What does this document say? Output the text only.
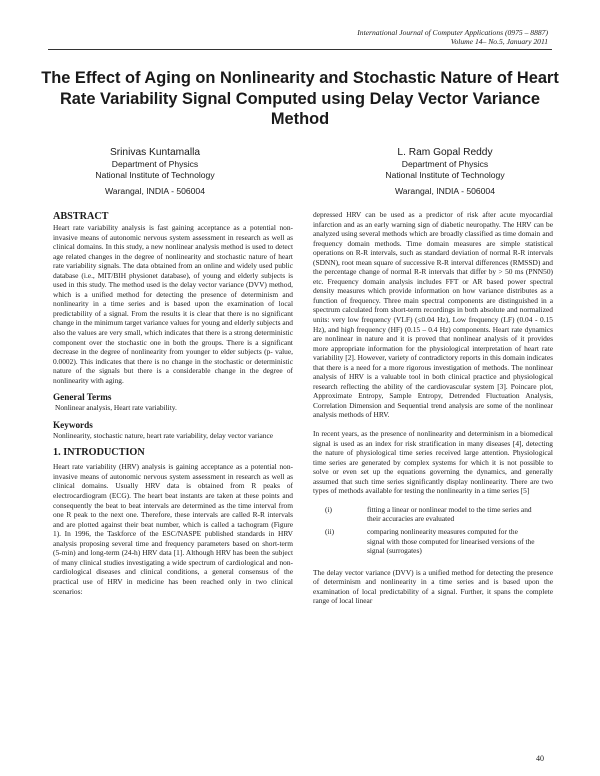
International Journal of Computer Applications (0975 – 8887)
Volume 14– No.5, January 2011
The Effect of Aging on Nonlinearity and Stochastic Nature of Heart Rate Variability Signal Computed using Delay Vector Variance Method
Srinivas Kuntamalla
Department of Physics
National Institute of Technology
Warangal, INDIA - 506004
L. Ram Gopal Reddy
Department of Physics
National Institute of Technology
Warangal, INDIA - 506004
ABSTRACT

Heart rate variability analysis is fast gaining acceptance as a potential non-invasive means of autonomic nervous system assessment in research as well as clinical domains. In this study, a new nonlinear analysis method is used to detect age related changes in the degree of nonlinearity and stochastic nature of heart rate variability signals. The data obtained from an online and widely used public database (i.e., MIT/BIH physionet database), of young and elderly subjects is used in this study. The method used is the delay vector variance (DVV) method, which is a unified method for detecting the presence of determinism and nonlinearity in a time series and is based upon the examination of local predictability of a signal. From the results it is clear that there is no significant change in the minimum target variance values for young and elderly subjects and also the values are very small, which indicates that there is a strong deterministic component over the stochastic one in both the groups. There is a significant decrease in the degree of nonlinearity from younger to elder subjects (p- value, 0.0002). This indicates that there is no change in the stochastic or deterministic nature of the signals but there is a considerable change in the degree of nonlinearity with aging.

General Terms

Nonlinear analysis, Heart rate variability.

Keywords

Nonlinearity, stochastic nature, heart rate variability, delay vector variance

1. INTRODUCTION

Heart rate variability (HRV) analysis is gaining acceptance as a potential non-invasive means of autonomic nervous system assessment in research as well as clinical domains. Usually HRV data is obtained from R peaks of electrocardiogram (ECG). The heart beat instants are taken at these points and consequently the beat to beat intervals are determined as the time interval from one R peak to the next one. Therefore, these intervals are called R-R intervals and are plotted against their beat number, which is called a tachogram (Figure 1). In 1996, the Taskforce of the ESC/NASPE published standards in HRV analysis proposing several time and frequency parameters based on short-term (5-min) and long-term (24-h) HRV data [1]. Although HRV has been the subject of many clinical studies investigating a wide spectrum of cardiological and non-cardiological diseases and clinical conditions, a general consensus of the practical use of HRV in medicine has been reached only in two clinical scenarios:

depressed HRV can be used as a predictor of risk after acute myocardial infarction and as an early warning sign of diabetic neuropathy. The HRV can be analyzed using several methods which are broadly classified as time domain and frequency domain methods. Time domain measures are simple statistical operations on R-R intervals, such as standard deviation of normal R-R intervals (SDNN), root mean square of successive R-R interval differences (RMSSD) and the percentage change of normal R-R intervals that differ by > 50 ms (PNN50) etc. Frequency domain analysis includes FFT or AR based power spectral density measures which provide information on how variance distributes as a function of frequency. Three main spectral components are distinguished in a spectrum calculated from short-term recordings in both absolute and normalized units: very low frequency (VLF) (≤0.04 Hz), Low frequency (LF) (0.04 - 0.15 Hz), and high frequency (HF) (0.15 – 0.4 Hz) components. Heart rate dynamics are nonlinear in nature and it is proved that nonlinear analysis of it provides more appropriate information for the physiological interpretation of heart rate variability [2]. However, variety of contradictory reports in this domain indicates that there is a need for a more rigorous investigation of methods. The nonlinear analysis of HRV is a valuable tool in both clinical practice and physiological research reflecting the ability of the cardiovascular system [3]. Poincare plot, Approximate Entropy, Sample Entropy, Detrended Fluctuation Analysis, Correlation Dimension and Sequential trend analysis are some of the nonlinear analysis methods of HRV.

In recent years, as the presence of nonlinearity and determinism in a biomedical signal is used as an index for risk stratification in many diseases [4], detecting the nature of physiological time series received large attention. Physiological time series are generated by complex systems for which it is not possible to solve or even set up the equations governing the dynamics, and generally assumed that such time series significantly display nonlinearity. There are two types of methods available for testing the nonlinearity in a time series [5]

(i)	fitting a linear or nonlinear model to the time series and their accuracies are evaluated
(ii)	comparing nonlinearity measures computed for the signal with those computed for linearised versions of the signal (surrogates)

The delay vector variance (DVV) is a unified method for detecting the presence of determinism and nonlinearity in a time series and is based upon the examination of local predictability of a signal. Further, it spans the complete range of local linear

40
